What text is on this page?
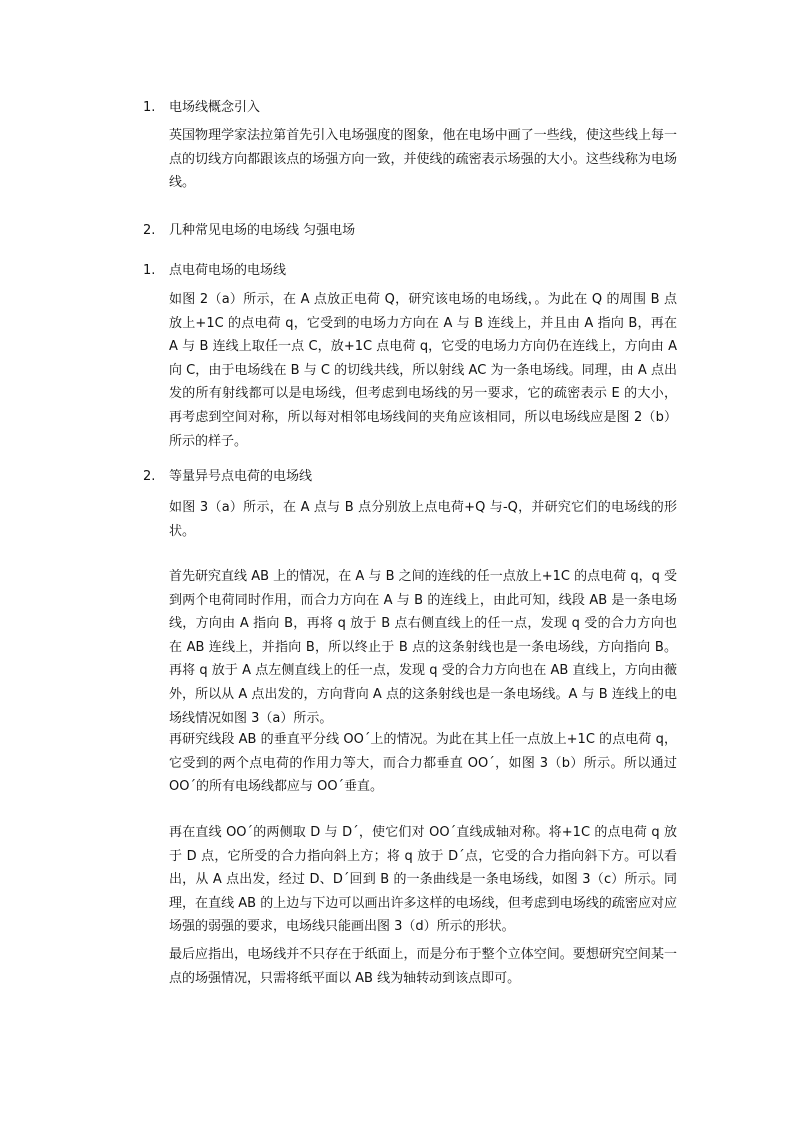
1. 电场线概念引入

英国物理学家法拉第首先引入电场强度的图象，他在电场中画了一些线，使这些线上每一点的切线方向都跟该点的场强方向一致，并使线的疏密表示场强的大小。这些线称为电场线。

2. 几种常见电场的电场线 匀强电场
1. 点电荷电场的电场线

如图 2（a）所示，在 A 点放正电荷 Q，研究该电场的电场线，。为此在 Q 的周围 B 点放上+1C 的点电荷 q，它受到的电场力方向在 A 与 B 连线上，并且由 A 指向 B，再在 A 与 B 连线上取任一点 C，放+1C 点电荷 q，它受的电场力方向仍在连线上，方向由 A 向 C，由于电场线在 B 与 C 的切线共线，所以射线 AC 为一条电场线。同理，由 A 点出发的所有射线都可以是电场线，但考虑到电场线的另一要求，它的疏密表示 E 的大小，再考虑到空间对称，所以每对相邻电场线间的夹角应该相同，所以电场线应是图 2（b）所示的样子。

2. 等量异号点电荷的电场线

如图 3（a）所示，在 A 点与 B 点分别放上点电荷+Q 与-Q，并研究它们的电场线的形状。

首先研究直线 AB 上的情况，在 A 与 B 之间的连线的任一点放上+1C 的点电荷 q，q 受到两个电荷同时作用，而合力方向在 A 与 B 的连线上，由此可知，线段 AB 是一条电场线，方向由 A 指向 B，再将 q 放于 B 点右侧直线上的任一点，发现 q 受的合力方向也在 AB 连线上，并指向 B，所以终止于 B 点的这条射线也是一条电场线，方向指向 B。再将 q 放于 A 点左侧直线上的任一点，发现 q 受的合力方向也在 AB 直线上，方向由薇外，所以从 A 点出发的，方向背向 A 点的这条射线也是一条电场线。A 与 B 连线上的电场线情况如图 3（a）所示。

再研究线段 AB 的垂直平分线 OO´上的情况。为此在其上任一点放上+1C 的点电荷 q，它受到的两个点电荷的作用力等大，而合力都垂直 OO´，如图 3（b）所示。所以通过 OO´的所有电场线都应与 OO´垂直。

再在直线 OO´的两侧取 D 与 D´，使它们对 OO´直线成轴对称。将+1C 的点电荷 q 放于 D 点，它所受的合力指向斜上方；将 q 放于 D´点，它受的合力指向斜下方。可以看出，从 A 点出发，经过 D、D´回到 B 的一条曲线是一条电场线，如图 3（c）所示。同理，在直线 AB 的上边与下边可以画出许多这样的电场线，但考虑到电场线的疏密应对应场强的弱强的要求，电场线只能画出图 3（d）所示的形状。

最后应指出，电场线并不只存在于纸面上，而是分布于整个立体空间。要想研究空间某一点的场强情况，只需将纸平面以 AB 线为轴转动到该点即可。
